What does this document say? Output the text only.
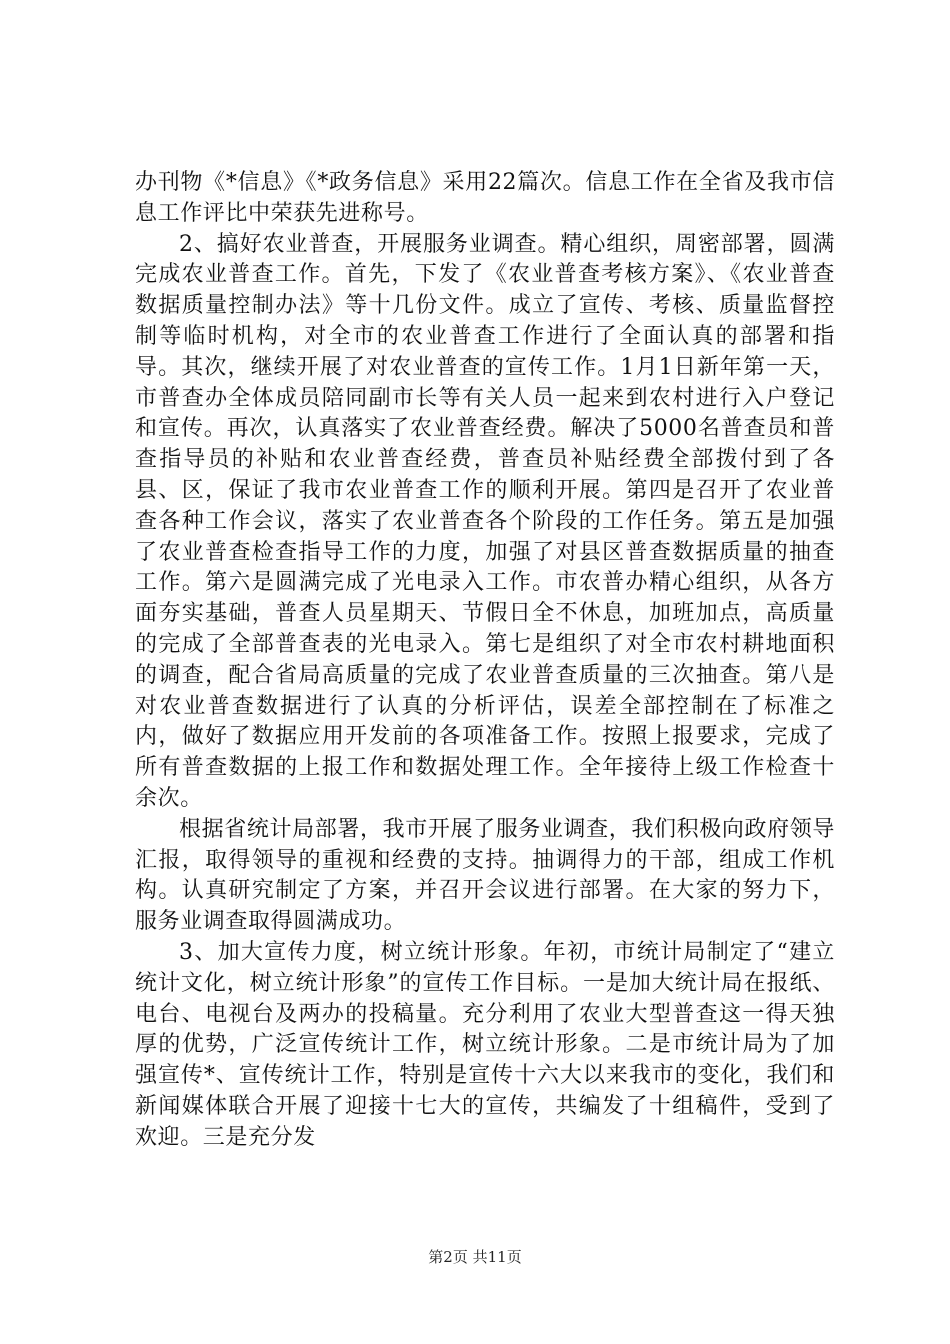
办刊物《*信息》《*政务信息》采用22篇次。信息工作在全省及我市信息工作评比中荣获先进称号。

2、搞好农业普查，开展服务业调查。精心组织，周密部署，圆满完成农业普查工作。首先，下发了《农业普查考核方案》、《农业普查数据质量控制办法》等十几份文件。成立了宣传、考核、质量监督控制等临时机构，对全市的农业普查工作进行了全面认真的部署和指导。其次，继续开展了对农业普查的宣传工作。1月1日新年第一天，市普查办全体成员陪同副市长等有关人员一起来到农村进行入户登记和宣传。再次，认真落实了农业普查经费。解决了5000名普查员和普查指导员的补贴和农业普查经费，普查员补贴经费全部拨付到了各县、区，保证了我市农业普查工作的顺利开展。第四是召开了农业普查各种工作会议，落实了农业普查各个阶段的工作任务。第五是加强了农业普查检查指导工作的力度，加强了对县区普查数据质量的抽查工作。第六是圆满完成了光电录入工作。市农普办精心组织，从各方面夯实基础，普查人员星期天、节假日全不休息，加班加点，高质量的完成了全部普查表的光电录入。第七是组织了对全市农村耕地面积的调查，配合省局高质量的完成了农业普查质量的三次抽查。第八是对农业普查数据进行了认真的分析评估，误差全部控制在了标准之内，做好了数据应用开发前的各项准备工作。按照上报要求，完成了所有普查数据的上报工作和数据处理工作。全年接待上级工作检查十余次。

根据省统计局部署，我市开展了服务业调查，我们积极向政府领导汇报，取得领导的重视和经费的支持。抽调得力的干部，组成工作机构。认真研究制定了方案，并召开会议进行部署。在大家的努力下，服务业调查取得圆满成功。

3、加大宣传力度，树立统计形象。年初，市统计局制定了“建立统计文化，树立统计形象”的宣传工作目标。一是加大统计局在报纸、电台、电视台及两办的投稿量。充分利用了农业大型普查这一得天独厚的优势，广泛宣传统计工作，树立统计形象。二是市统计局为了加强宣传*、宣传统计工作，特别是宣传十六大以来我市的变化，我们和新闻媒体联合开展了迎接十七大的宣传，共编发了十组稿件，受到了欢迎。三是充分发

第2页 共11页
